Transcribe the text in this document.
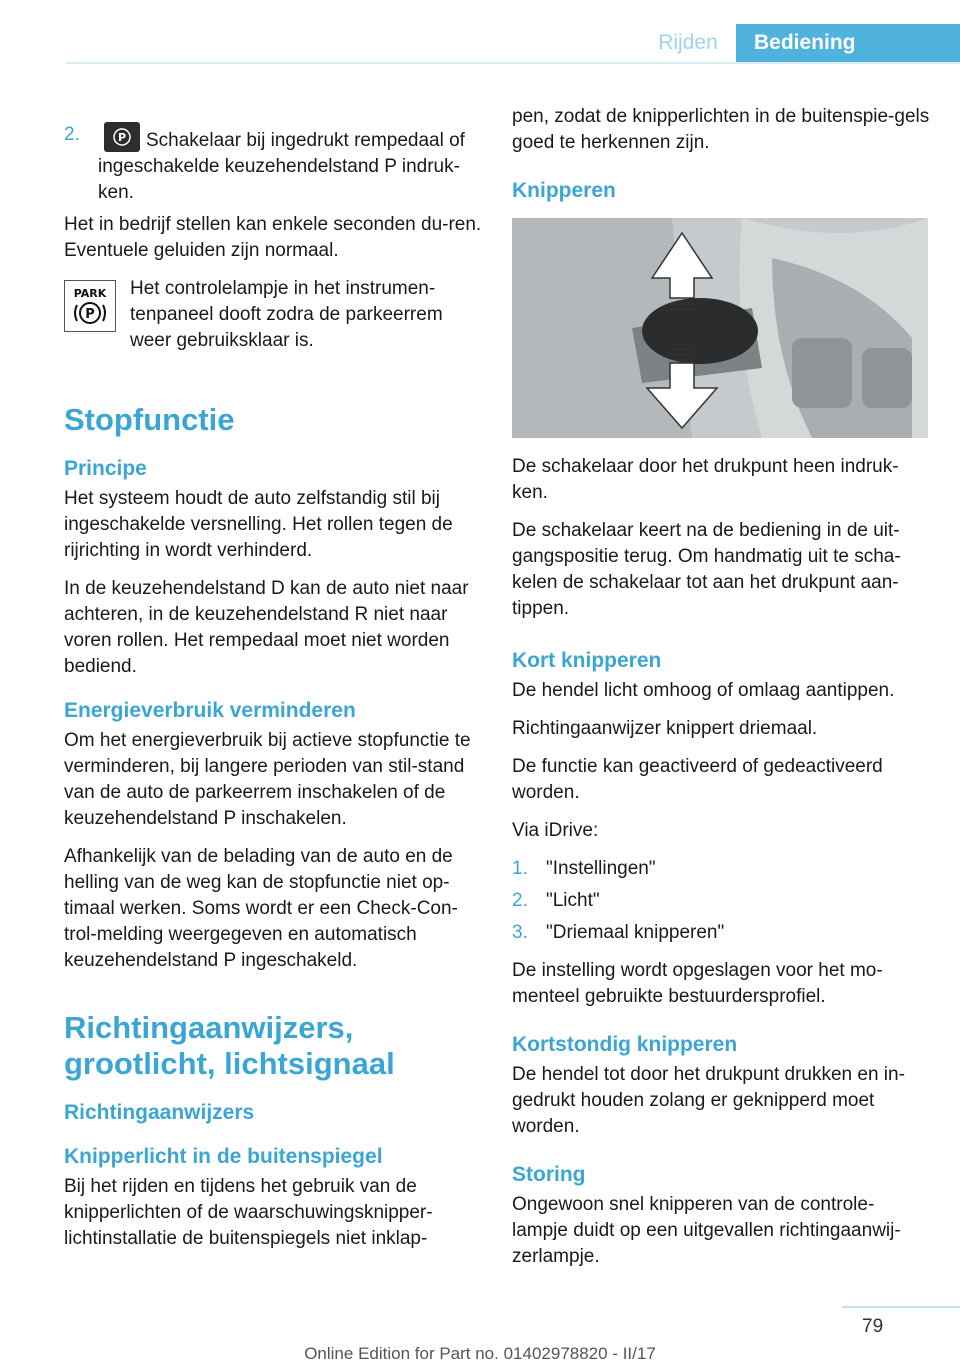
Rijden	Bediening
2.	P Schakelaar bij ingedrukt rempedaal of ingeschakelde keuzehendelstand P indruk-ken.

Het in bedrijf stellen kan enkele seconden du-ren. Eventuele geluiden zijn normaal.

PARK
P

Het controlelampje in het instrumen-tenpaneel dooft zodra de parkeerrem weer gebruiksklaar is.

Stopfunctie
Principe

Het systeem houdt de auto zelfstandig stil bij ingeschakelde versnelling. Het rollen tegen de rijrichting in wordt verhinderd.

In de keuzehendelstand D kan de auto niet naar achteren, in de keuzehendelstand R niet naar voren rollen. Het rempedaal moet niet worden bediend.

Energieverbruik verminderen

Om het energieverbruik bij actieve stopfunctie te verminderen, bij langere perioden van stil-stand van de auto de parkeerrem inschakelen of de keuzehendelstand P inschakelen.

Afhankelijk van de belading van de auto en de helling van de weg kan de stopfunctie niet op-timaal werken. Soms wordt er een Check-Con-trol-melding weergegeven en automatisch keuzehendelstand P ingeschakeld.

Richtingaanwijzers,
grootlicht, lichtsignaal
Richtingaanwijzers
Knipperlicht in de buitenspiegel

Bij het rijden en tijdens het gebruik van de knipperlichten of de waarschuwingsknipper-lichtinstallatie de buitenspiegels niet inklap-

pen, zodat de knipperlichten in de buitenspie-gels goed te herkennen zijn.

Knipperen

De schakelaar door het drukpunt heen indruk-ken.

De schakelaar keert na de bediening in de uit-gangspositie terug. Om handmatig uit te scha-kelen de schakelaar tot aan het drukpunt aan-tippen.

Kort knipperen

De hendel licht omhoog of omlaag aantippen.

Richtingaanwijzer knippert driemaal.

De functie kan geactiveerd of gedeactiveerd worden.

Via iDrive:

1. "Instellingen"
2. "Licht"
3. "Driemaal knipperen"

De instelling wordt opgeslagen voor het mo-menteel gebruikte bestuurdersprofiel.

Kortstondig knipperen

De hendel tot door het drukpunt drukken en in-gedrukt houden zolang er geknipperd moet worden.

Storing

Ongewoon snel knipperen van de controle-lampje duidt op een uitgevallen richtingaanwij-zerlampje.

79
Online Edition for Part no. 01402978820 - II/17
